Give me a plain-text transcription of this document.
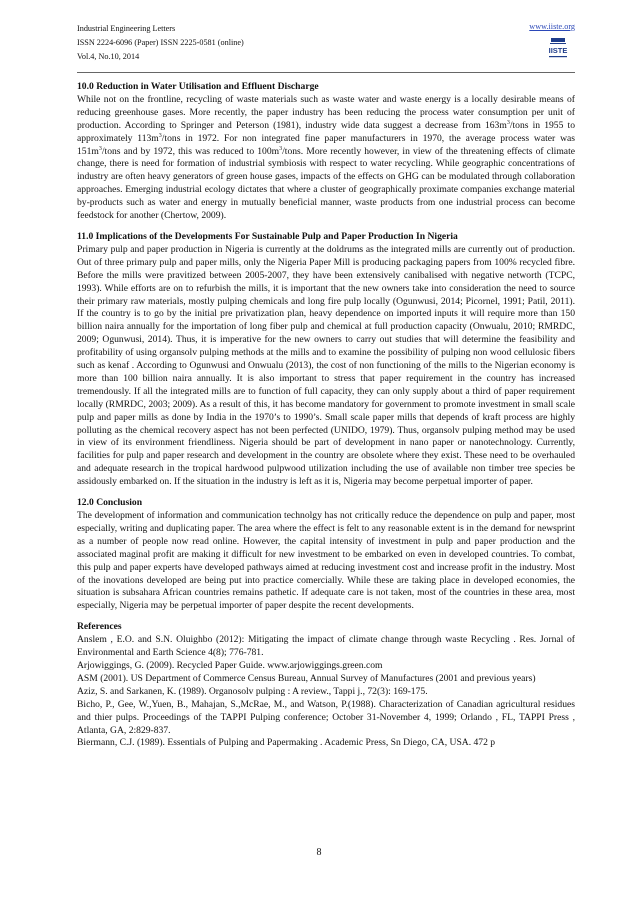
Industrial Engineering Letters
ISSN 2224-6096 (Paper) ISSN 2225-0581 (online)
Vol.4, No.10, 2014
www.iiste.org
IISTE
10.0 Reduction in Water Utilisation and Effluent Discharge
While not on the frontline, recycling of waste materials such as waste water and waste energy is a locally desirable means of reducing greenhouse gases. More recently, the paper industry has been reducing the process water consumption per unit of production. According to Springer and Peterson (1981), industry wide data suggest a decrease from $163m^3$/tons in 1955 to approximately $113m^3$/tons in 1972. For non integrated fine paper manufacturers in 1970, the average process water was $151m^3$/tons and by 1972, this was reduced to $100m^3$/tons. More recently however, in view of the threatening effects of climate change, there is need for formation of industrial symbiosis with respect to water recycling. While geographic concentrations of industry are often heavy generators of green house gases, impacts of the effects on GHG can be modulated through collaboration approaches. Emerging industrial ecology dictates that where a cluster of geographically proximate companies exchange material by-products such as water and energy in mutually beneficial manner, waste products from one industrial process can become feedstock for another (Chertow, 2009).
11.0 Implications of the Developments For Sustainable Pulp and Paper Production In Nigeria
Primary pulp and paper production in Nigeria is currently at the doldrums as the integrated mills are currently out of production. Out of three primary pulp and paper mills, only the Nigeria Paper Mill is producing packaging papers from 100% recycled fibre. Before the mills were pravitized between 2005-2007, they have been extensively canibalised with negative networth (TCPC, 1993). While efforts are on to refurbish the mills, it is important that the new owners take into consideration the need to source their primary raw materials, mostly pulping chemicals and long fire pulp locally (Ogunwusi, 2014; Picornel, 1991; Patil, 2011). If the country is to go by the initial pre privatization plan, heavy dependence on imported inputs it will require more than 150 billion naira annually for the importation of long fiber pulp and chemical at full production capacity (Onwualu, 2010; RMRDC, 2009; Ogunwusi, 2014). Thus, it is imperative for the new owners to carry out studies that will determine the feasibility and profitability of using organsolv pulping methods at the mills and to examine the possibility of pulping non wood cellulosic fibers such as kenaf . According to Ogunwusi and Onwualu (2013), the cost of non functioning of the mills to the Nigerian economy is more than 100 billion naira annually. It is also important to stress that paper requirement in the country has increased tremendously. If all the integrated mills are to function of full capacity, they can only supply about a third of paper requirement locally (RMRDC, 2003; 2009). As a result of this, it has become mandatory for government to promote investment in small scale pulp and paper mills as done by India in the 1970’s to 1990’s. Small scale paper mills that depends of kraft process are highly polluting as the chemical recovery aspect has not been perfected (UNIDO, 1979). Thus, organsolv pulping method may be used in view of its environment friendliness. Nigeria should be part of development in nano paper or nanotechnology. Currently, facilities for pulp and paper research and development in the country are obsolete where they exist. These need to be overhauled and adequate research in the tropical hardwood pulpwood utilization including the use of available non timber tree species be assidously embarked on. If the situation in the industry is left as it is, Nigeria may become perpetual importer of paper.
12.0 Conclusion
The development of information and communication technolgy has not critically reduce the dependence on pulp and paper, most especially, writing and duplicating paper. The area where the effect is felt to any reasonable extent is in the demand for newsprint as a number of people now read online. However, the capital intensity of investment in pulp and paper production and the associated maginal profit are making it difficult for new investment to be embarked on even in developed countries. To combat, this pulp and paper experts have developed pathways aimed at reducing investment cost and increase profit in the industry. Most of the inovations developed are being put into practice comercially. While these are taking place in developed economies, the situation is subsahara African countries remains pathetic. If adequate care is not taken, most of the countries in these area, most especially, Nigeria may be perpetual importer of paper despite the recent developments.
References
Anslem , E.O. and S.N. Oluighbo (2012): Mitigating the impact of climate change through waste Recycling . Res. Jornal of Environmental and Earth Science 4(8); 776-781.
Arjowiggings, G. (2009). Recycled Paper Guide. www.arjowiggings.green.com
ASM (2001). US Department of Commerce Census Bureau, Annual Survey of Manufactures (2001 and previous years)
Aziz, S. and Sarkanen, K. (1989). Organosolv pulping : A review., Tappi j., 72(3): 169-175.
Bicho, P., Gee, W.,Yuen, B., Mahajan, S.,McRae, M., and Watson, P.(1988). Characterization of Canadian agricultural residues and thier pulps. Proceedings of the TAPPI Pulping conference; October 31-November 4, 1999; Orlando , FL, TAPPI Press , Atlanta, GA, 2:829-837.
Biermann, C.J. (1989). Essentials of Pulping and Papermaking . Academic Press, Sn Diego, CA, USA. 472 p
8
